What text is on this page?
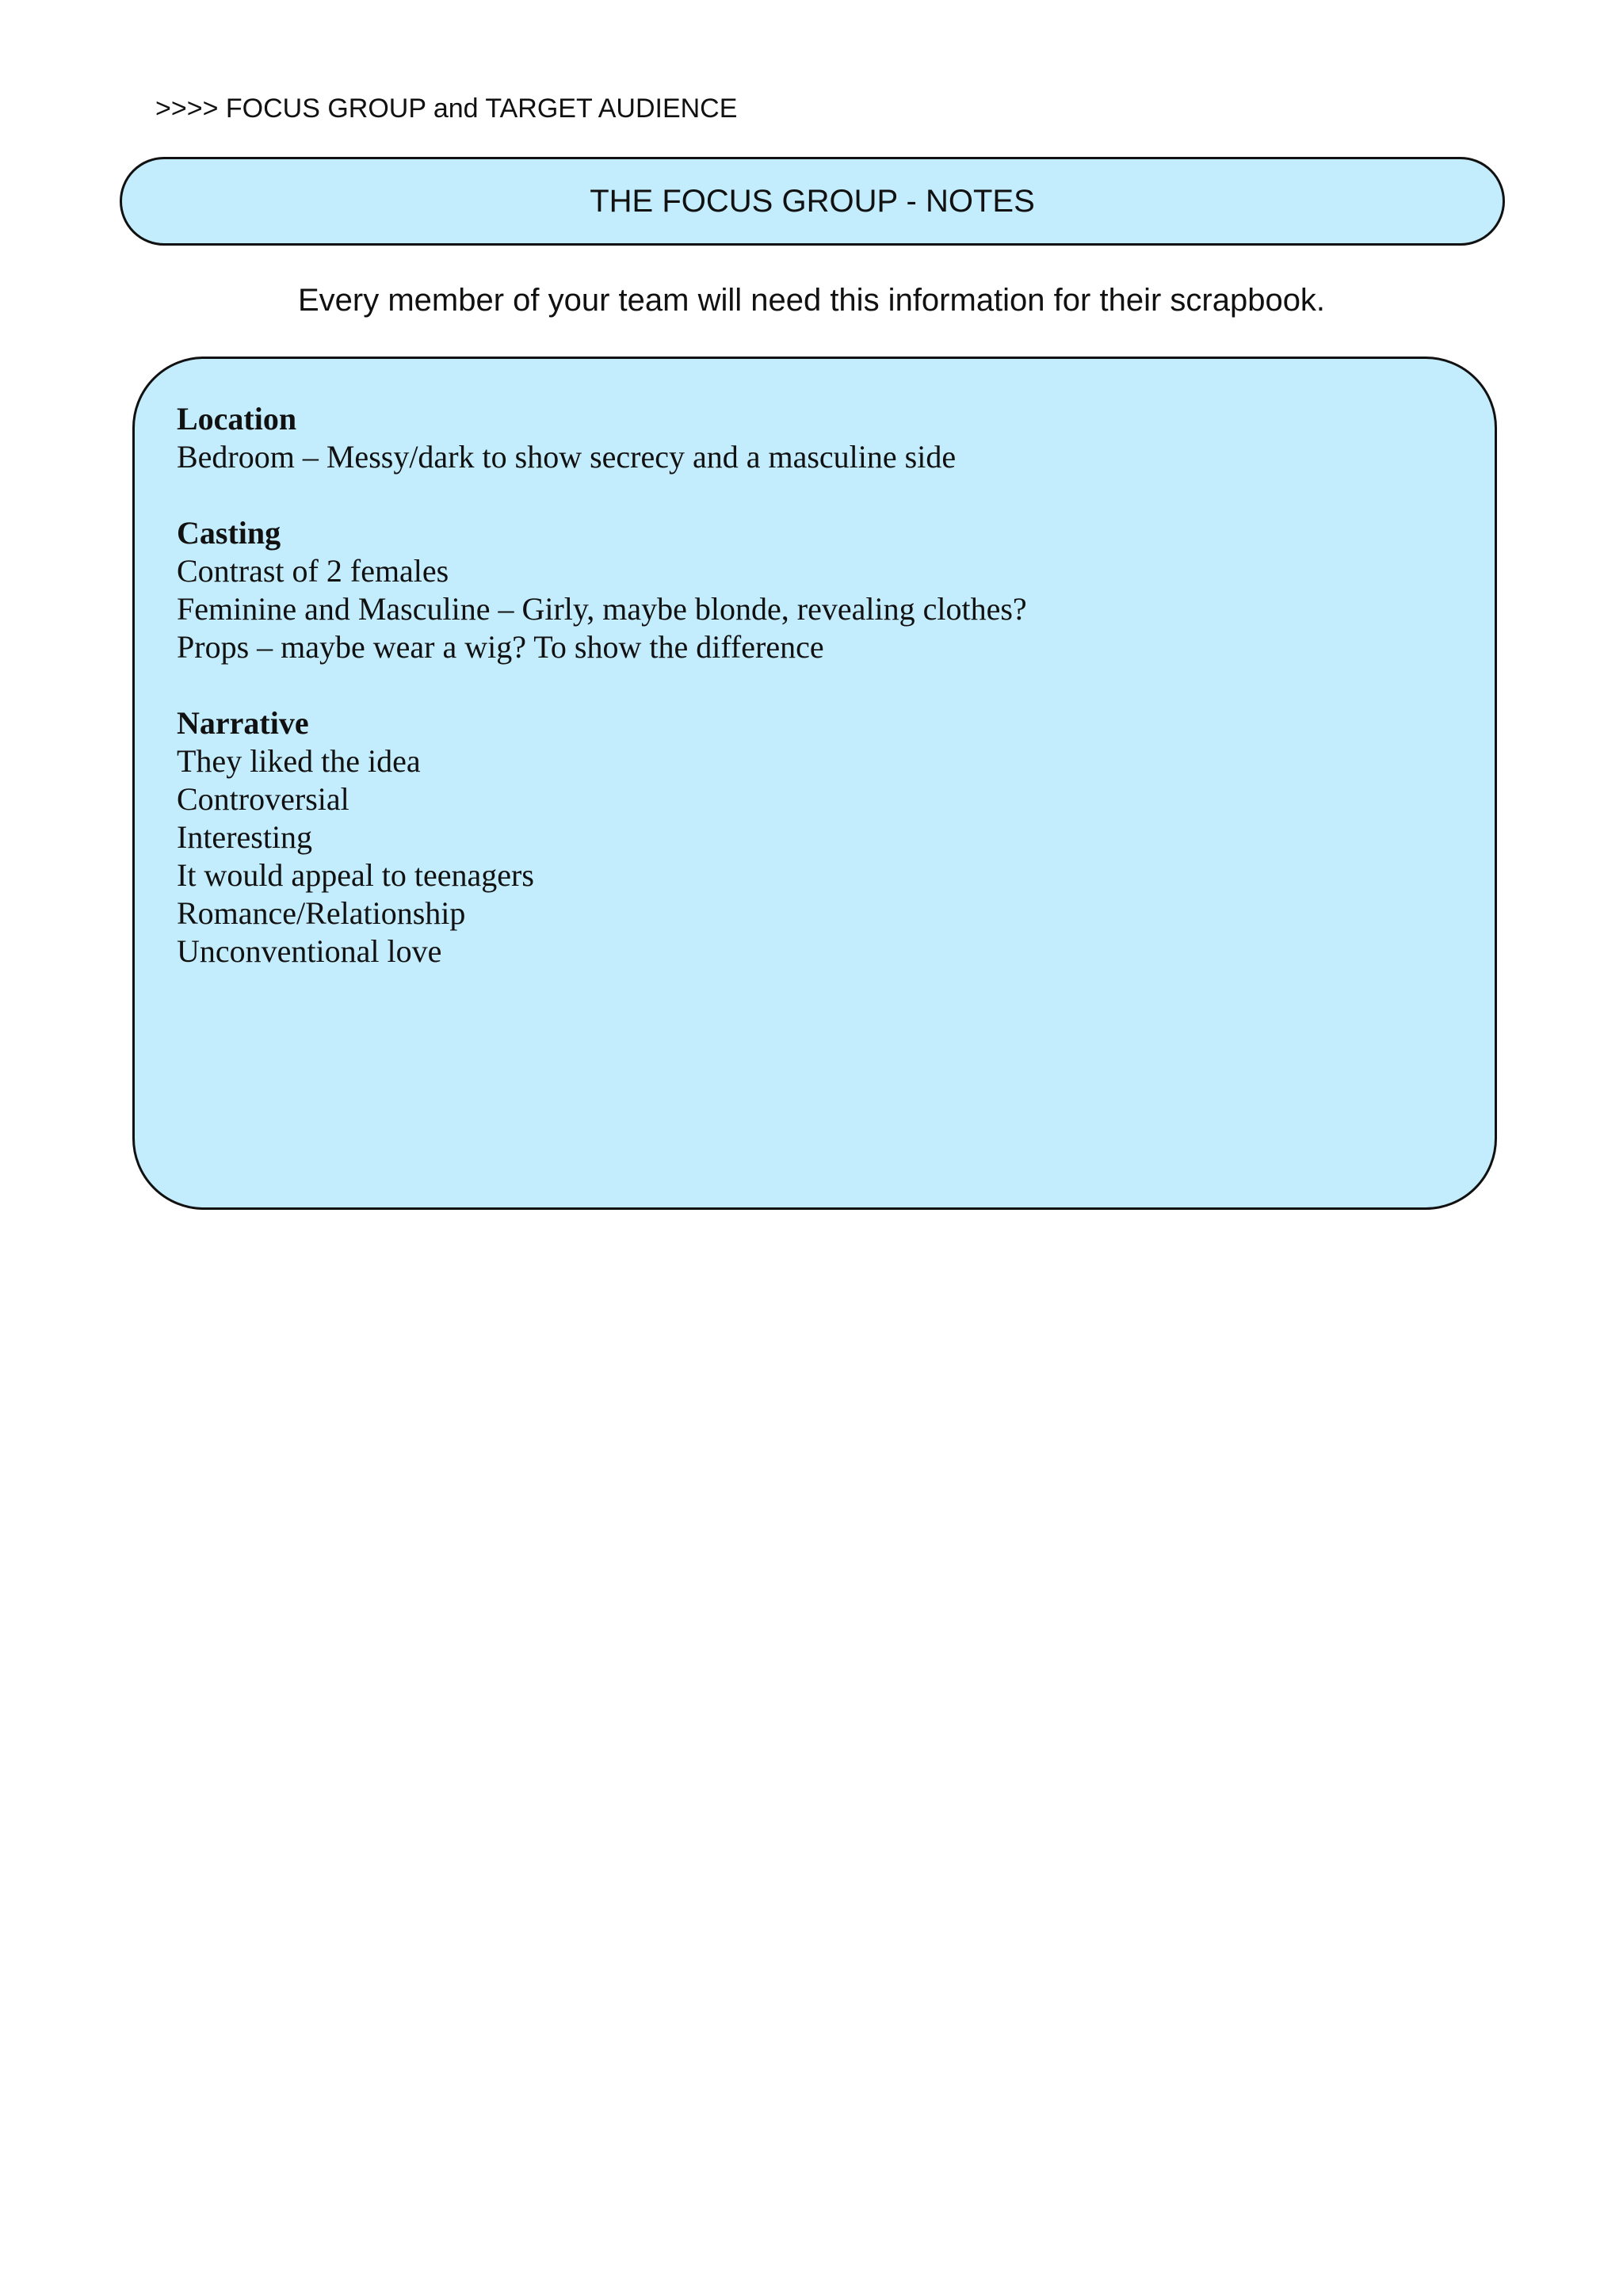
>>>> FOCUS GROUP and TARGET AUDIENCE
THE FOCUS GROUP - NOTES
Every member of your team will need this information for their scrapbook.
Location
Bedroom – Messy/dark to show secrecy and a masculine side
Casting
Contrast of 2 females
Feminine and Masculine – Girly, maybe blonde, revealing clothes?
Props – maybe wear a wig? To show the difference
Narrative
They liked the idea
Controversial
Interesting
It would appeal to teenagers
Romance/Relationship
Unconventional love
